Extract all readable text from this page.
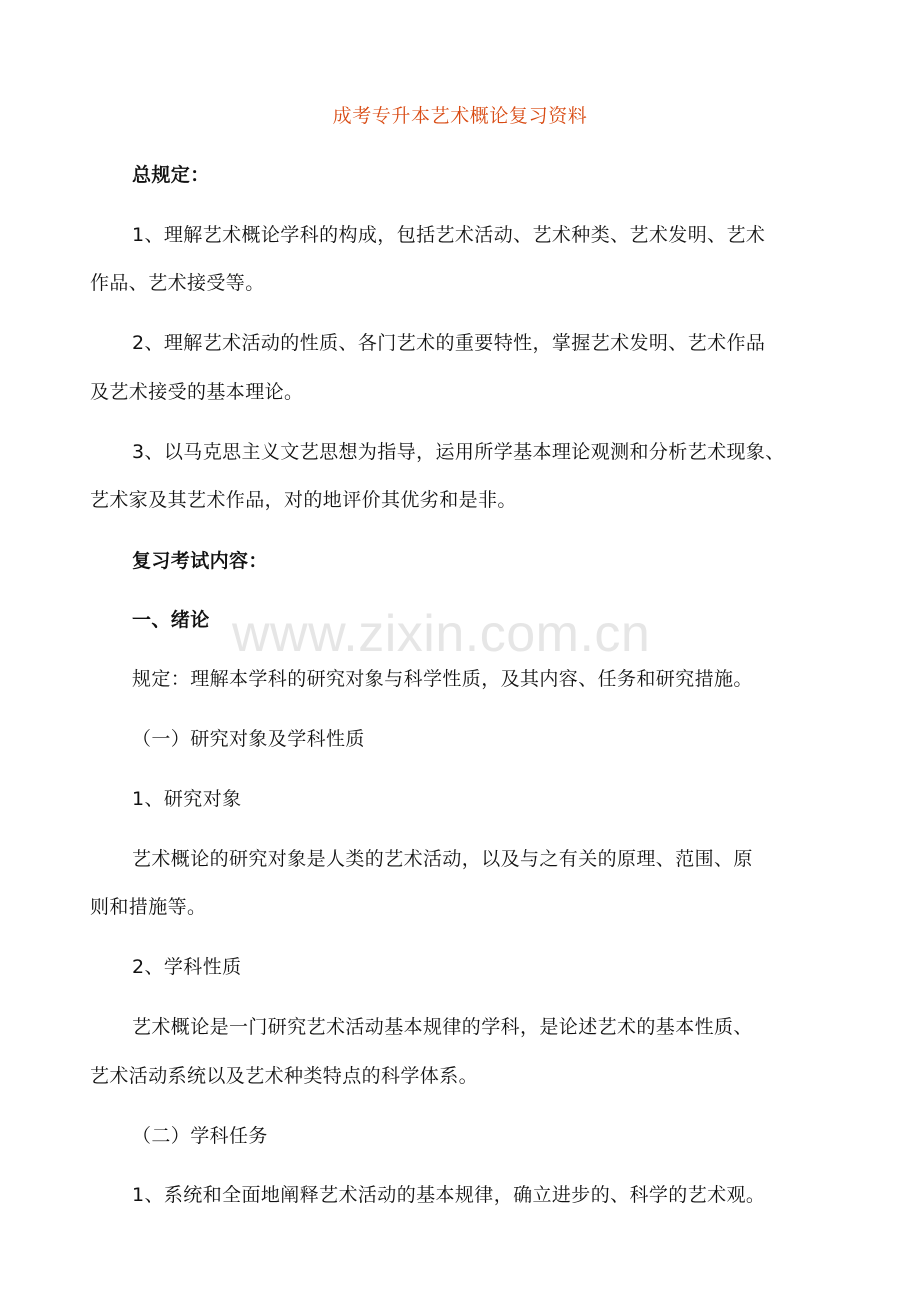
www.zixin.com.cn
成考专升本艺术概论复习资料
总规定：
1、理解艺术概论学科的构成，包括艺术活动、艺术种类、艺术发明、艺术
作品、艺术接受等。
2、理解艺术活动的性质、各门艺术的重要特性，掌握艺术发明、艺术作品
及艺术接受的基本理论。
3、以马克思主义文艺思想为指导，运用所学基本理论观测和分析艺术现象、
艺术家及其艺术作品，对的地评价其优劣和是非。
复习考试内容：
一、绪论
规定：理解本学科的研究对象与科学性质，及其内容、任务和研究措施。
（一）研究对象及学科性质
1、研究对象
艺术概论的研究对象是人类的艺术活动，以及与之有关的原理、范围、原
则和措施等。
2、学科性质
艺术概论是一门研究艺术活动基本规律的学科，是论述艺术的基本性质、
艺术活动系统以及艺术种类特点的科学体系。
（二）学科任务
1、系统和全面地阐释艺术活动的基本规律，确立进步的、科学的艺术观。
